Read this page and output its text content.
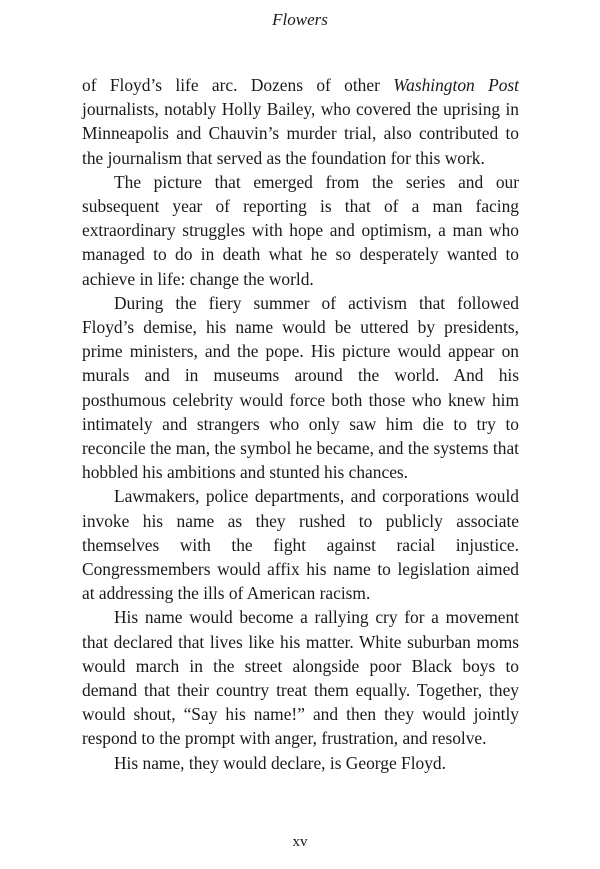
Flowers

of Floyd’s life arc. Dozens of other Washington Post journalists, notably Holly Bailey, who covered the uprising in Minneapolis and Chauvin’s murder trial, also contributed to the journalism that served as the foundation for this work.

The picture that emerged from the series and our subsequent year of reporting is that of a man facing extraordinary struggles with hope and optimism, a man who managed to do in death what he so desperately wanted to achieve in life: change the world.

During the fiery summer of activism that followed Floyd’s demise, his name would be uttered by presidents, prime ministers, and the pope. His picture would appear on murals and in museums around the world. And his posthumous celebrity would force both those who knew him intimately and strangers who only saw him die to try to reconcile the man, the symbol he became, and the systems that hobbled his ambitions and stunted his chances.

Lawmakers, police departments, and corporations would invoke his name as they rushed to publicly associate themselves with the fight against racial injustice. Congressmembers would affix his name to legislation aimed at addressing the ills of American racism.

His name would become a rallying cry for a movement that declared that lives like his matter. White suburban moms would march in the street alongside poor Black boys to demand that their country treat them equally. Together, they would shout, “Say his name!” and then they would jointly respond to the prompt with anger, frustration, and resolve.

His name, they would declare, is George Floyd.

xv
